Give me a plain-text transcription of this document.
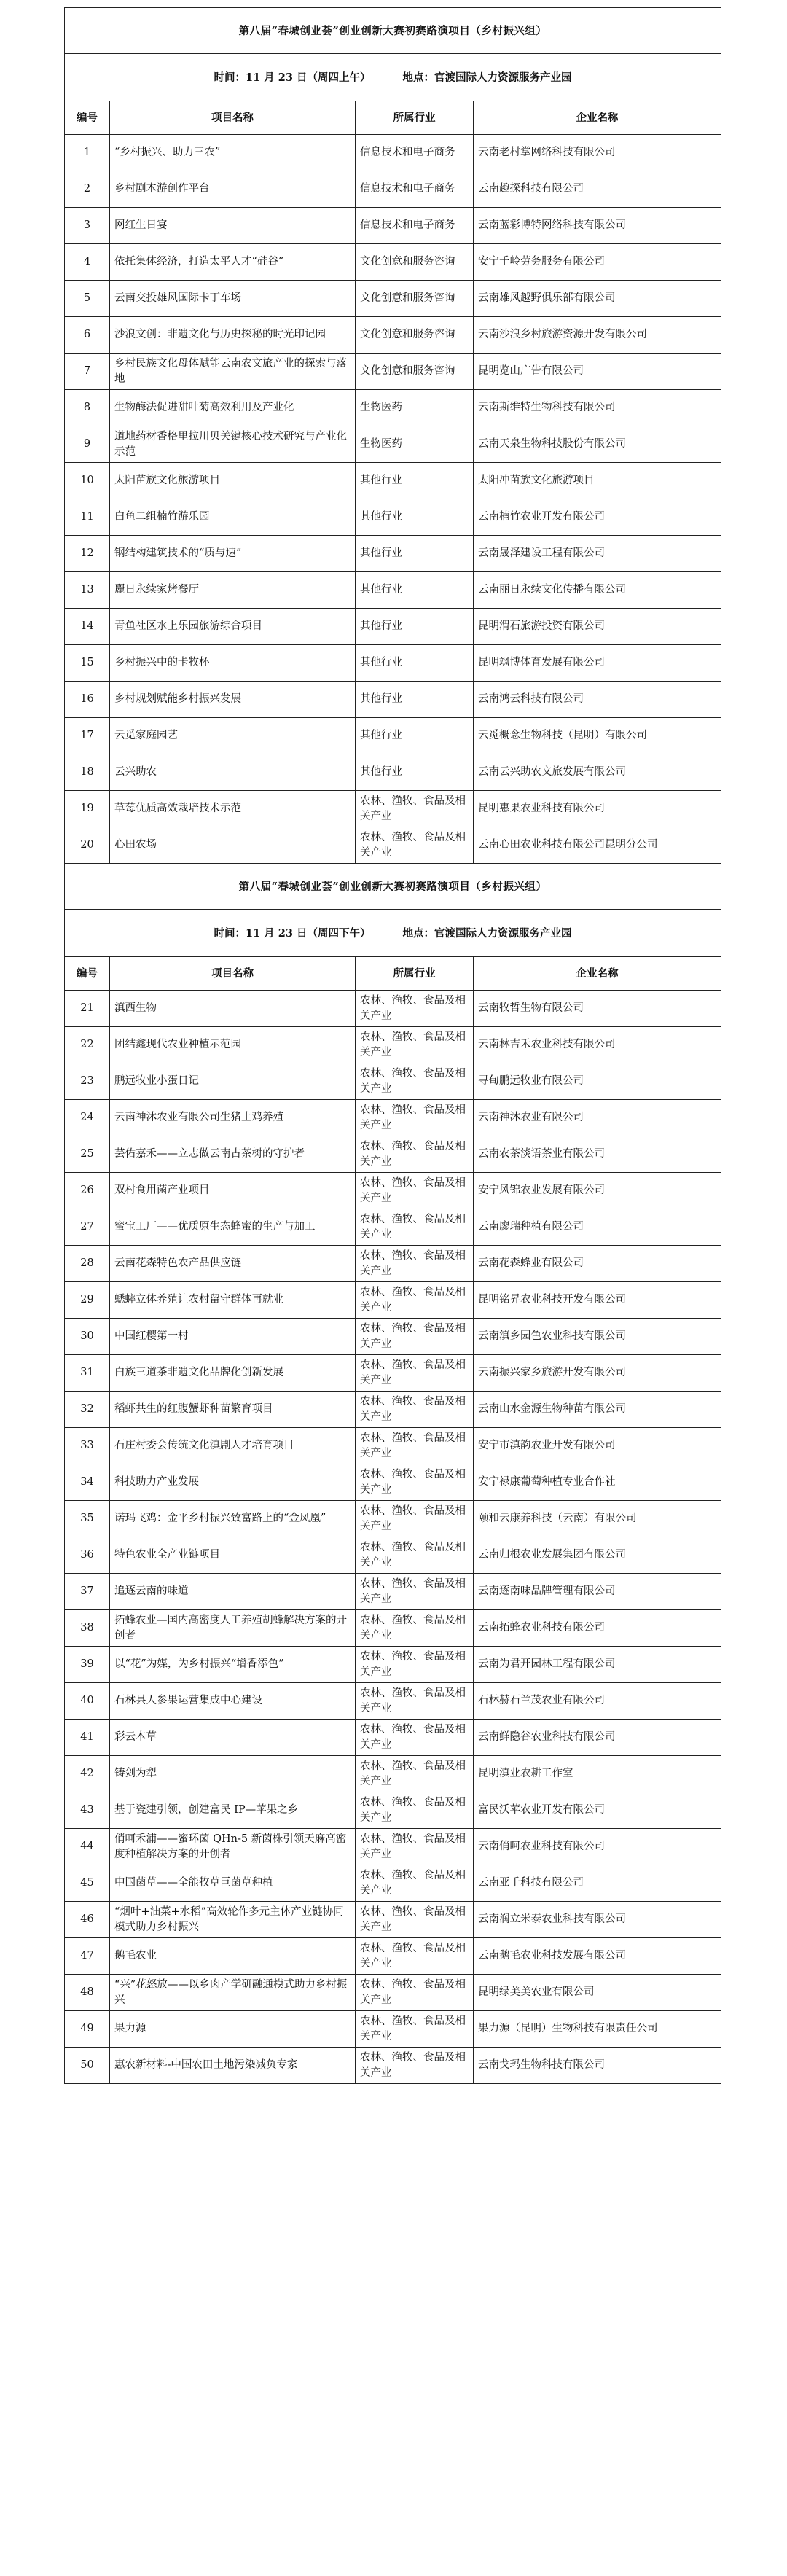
第八届“春城创业荟”创业创新大赛初赛路演项目（乡村振兴组）			
时间：11 月 23 日（周四上午） 地点：官渡国际人力资源服务产业园			
编号	项目名称	所属行业	企业名称
1	“乡村振兴、助力三农”	信息技术和电子商务	云南老村掌网络科技有限公司
2	乡村剧本游创作平台	信息技术和电子商务	云南趣探科技有限公司
3	网红生日宴	信息技术和电子商务	云南蓝彩博特网络科技有限公司
4	依托集体经济，打造太平人才“硅谷”	文化创意和服务咨询	安宁千岭劳务服务有限公司
5	云南交投雄风国际卡丁车场	文化创意和服务咨询	云南雄风越野俱乐部有限公司
6	沙浪文创：非遗文化与历史探秘的时光印记园	文化创意和服务咨询	云南沙浪乡村旅游资源开发有限公司
7	乡村民族文化母体赋能云南农文旅产业的探索与落地	文化创意和服务咨询	昆明览山广告有限公司
8	生物酶法促进甜叶菊高效利用及产业化	生物医药	云南斯维特生物科技有限公司
9	道地药材香格里拉川贝关键核心技术研究与产业化示范	生物医药	云南天泉生物科技股份有限公司
10	太阳苗族文化旅游项目	其他行业	太阳冲苗族文化旅游项目
11	白鱼二组楠竹游乐园	其他行业	云南楠竹农业开发有限公司
12	钢结构建筑技术的“质与速”	其他行业	云南晟泽建设工程有限公司
13	麗日永续家烤餐厅	其他行业	云南丽日永续文化传播有限公司
14	青鱼社区水上乐园旅游综合项目	其他行业	昆明渭石旅游投资有限公司
15	乡村振兴中的卡牧杯	其他行业	昆明飒博体育发展有限公司
16	乡村规划赋能乡村振兴发展	其他行业	云南鸿云科技有限公司
17	云觅家庭园艺	其他行业	云觅概念生物科技（昆明）有限公司
18	云兴助农	其他行业	云南云兴助农文旅发展有限公司
19	草莓优质高效栽培技术示范	农林、渔牧、食品及相关产业	昆明惠果农业科技有限公司
20	心田农场	农林、渔牧、食品及相关产业	云南心田农业科技有限公司昆明分公司
第八届“春城创业荟”创业创新大赛初赛路演项目（乡村振兴组）			
时间：11 月 23 日（周四下午） 地点：官渡国际人力资源服务产业园			
编号	项目名称	所属行业	企业名称
21	滇西生物	农林、渔牧、食品及相关产业	云南牧哲生物有限公司
22	团结鑫现代农业种植示范园	农林、渔牧、食品及相关产业	云南林吉禾农业科技有限公司
23	鹏远牧业小蛋日记	农林、渔牧、食品及相关产业	寻甸鹏远牧业有限公司
24	云南神沐农业有限公司生猪土鸡养殖	农林、渔牧、食品及相关产业	云南神沐农业有限公司
25	芸佑嘉禾——立志做云南古茶树的守护者	农林、渔牧、食品及相关产业	云南农茶淡语茶业有限公司
26	双村食用菌产业项目	农林、渔牧、食品及相关产业	安宁风锦农业发展有限公司
27	蜜宝工厂——优质原生态蜂蜜的生产与加工	农林、渔牧、食品及相关产业	云南廖瑞种植有限公司
28	云南花森特色农产品供应链	农林、渔牧、食品及相关产业	云南花森蜂业有限公司
29	蟋蟀立体养殖让农村留守群体再就业	农林、渔牧、食品及相关产业	昆明铭昇农业科技开发有限公司
30	中国红樱第一村	农林、渔牧、食品及相关产业	云南滇乡园色农业科技有限公司
31	白族三道茶非遗文化品牌化创新发展	农林、渔牧、食品及相关产业	云南振兴家乡旅游开发有限公司
32	稻虾共生的红腹蟹虾种苗繁育项目	农林、渔牧、食品及相关产业	云南山水金源生物种苗有限公司
33	石庄村委会传统文化滇剧人才培育项目	农林、渔牧、食品及相关产业	安宁市滇韵农业开发有限公司
34	科技助力产业发展	农林、渔牧、食品及相关产业	安宁禄康葡萄种植专业合作社
35	诺玛飞鸡：金平乡村振兴致富路上的“金凤凰”	农林、渔牧、食品及相关产业	颐和云康养科技（云南）有限公司
36	特色农业全产业链项目	农林、渔牧、食品及相关产业	云南归根农业发展集团有限公司
37	追逐云南的味道	农林、渔牧、食品及相关产业	云南逐南味品牌管理有限公司
38	拓蜂农业—国内高密度人工养殖胡蜂解决方案的开创者	农林、渔牧、食品及相关产业	云南拓蜂农业科技有限公司
39	以“花”为媒，为乡村振兴“增香添色”	农林、渔牧、食品及相关产业	云南为君开园林工程有限公司
40	石林县人参果运营集成中心建设	农林、渔牧、食品及相关产业	石林赫石兰茂农业有限公司
41	彩云本草	农林、渔牧、食品及相关产业	云南鲜隐谷农业科技有限公司
42	铸剑为犁	农林、渔牧、食品及相关产业	昆明滇业农耕工作室
43	基于瓷建引领，创建富民 IP—苹果之乡	农林、渔牧、食品及相关产业	富民沃苹农业开发有限公司
44	俏呵禾浦——蜜环菌 QHn-5 新菌株引领天麻高密度种植解决方案的开创者	农林、渔牧、食品及相关产业	云南俏呵农业科技有限公司
45	中国菌草——全能牧草巨菌草种植	农林、渔牧、食品及相关产业	云南亚千科技有限公司
46	“烟叶+油菜+水稻”高效轮作多元主体产业链协同模式助力乡村振兴	农林、渔牧、食品及相关产业	云南润立米泰农业科技有限公司
47	鹅毛农业	农林、渔牧、食品及相关产业	云南鹅毛农业科技发展有限公司
48	“兴”花怒放——以乡肉产学研融通模式助力乡村振兴	农林、渔牧、食品及相关产业	昆明绿美美农业有限公司
49	果力源	农林、渔牧、食品及相关产业	果力源（昆明）生物科技有限责任公司
50	惠农新材料-中国农田土地污染减负专家	农林、渔牧、食品及相关产业	云南戈玛生物科技有限公司
